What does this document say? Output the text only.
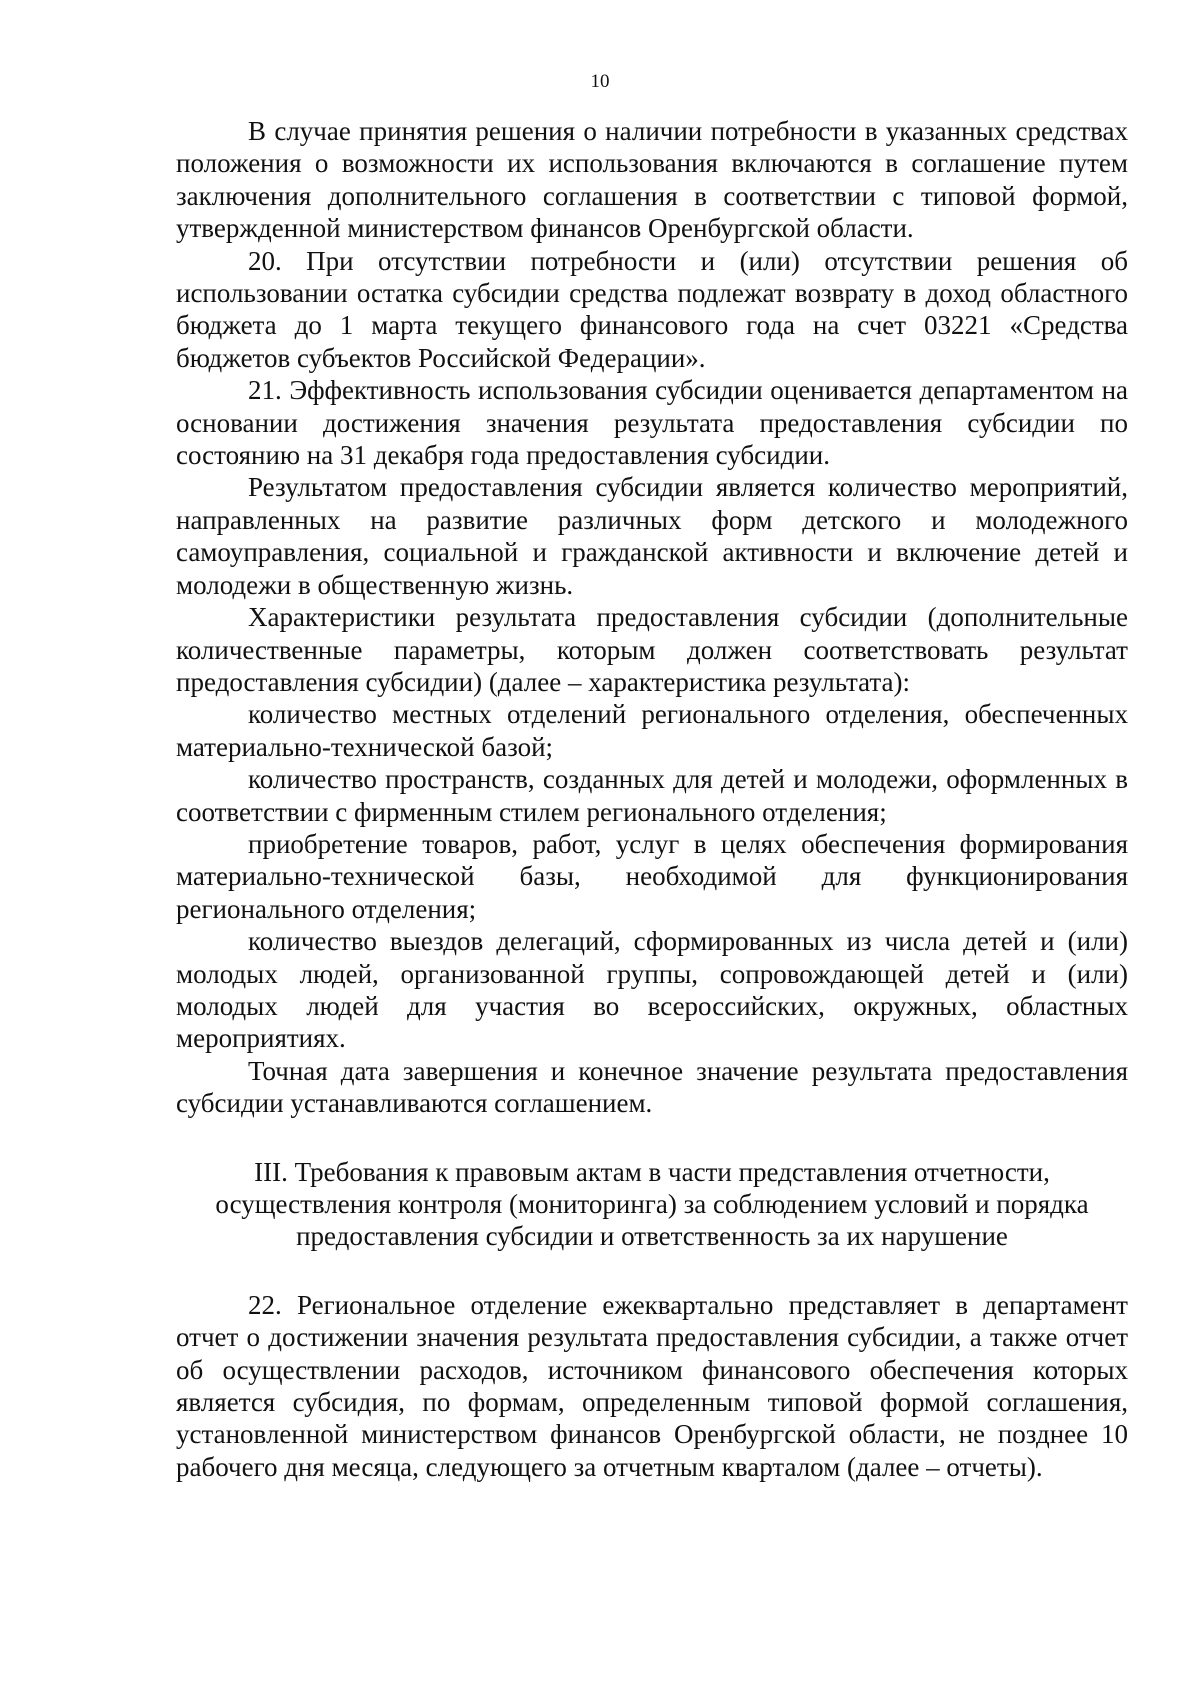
10

В случае принятия решения о наличии потребности в указанных средствах положения о возможности их использования включаются в соглашение путем заключения дополнительного соглашения в соответствии с типовой формой, утвержденной министерством финансов Оренбургской области.

20. При отсутствии потребности и (или) отсутствии решения об использовании остатка субсидии средства подлежат возврату в доход областного бюджета до 1 марта текущего финансового года на счет 03221 «Средства бюджетов субъектов Российской Федерации».

21. Эффективность использования субсидии оценивается департаментом на основании достижения значения результата предоставления субсидии по состоянию на 31 декабря года предоставления субсидии.

Результатом предоставления субсидии является количество мероприятий, направленных на развитие различных форм детского и молодежного самоуправления, социальной и гражданской активности и включение детей и молодежи в общественную жизнь.

Характеристики результата предоставления субсидии (дополнительные количественные параметры, которым должен соответствовать результат предоставления субсидии) (далее – характеристика результата):

количество местных отделений регионального отделения, обеспеченных материально-технической базой;

количество пространств, созданных для детей и молодежи, оформленных в соответствии с фирменным стилем регионального отделения;

приобретение товаров, работ, услуг в целях обеспечения формирования материально-технической базы, необходимой для функционирования регионального отделения;

количество выездов делегаций, сформированных из числа детей и (или) молодых людей, организованной группы, сопровождающей детей и (или) молодых людей для участия во всероссийских, окружных, областных мероприятиях.

Точная дата завершения и конечное значение результата предоставления субсидии устанавливаются соглашением.

III. Требования к правовым актам в части представления отчетности, осуществления контроля (мониторинга) за соблюдением условий и порядка предоставления субсидии и ответственность за их нарушение

22. Региональное отделение ежеквартально представляет в департамент отчет о достижении значения результата предоставления субсидии, а также отчет об осуществлении расходов, источником финансового обеспечения которых является субсидия, по формам, определенным типовой формой соглашения, установленной министерством финансов Оренбургской области, не позднее 10 рабочего дня месяца, следующего за отчетным кварталом (далее – отчеты).
